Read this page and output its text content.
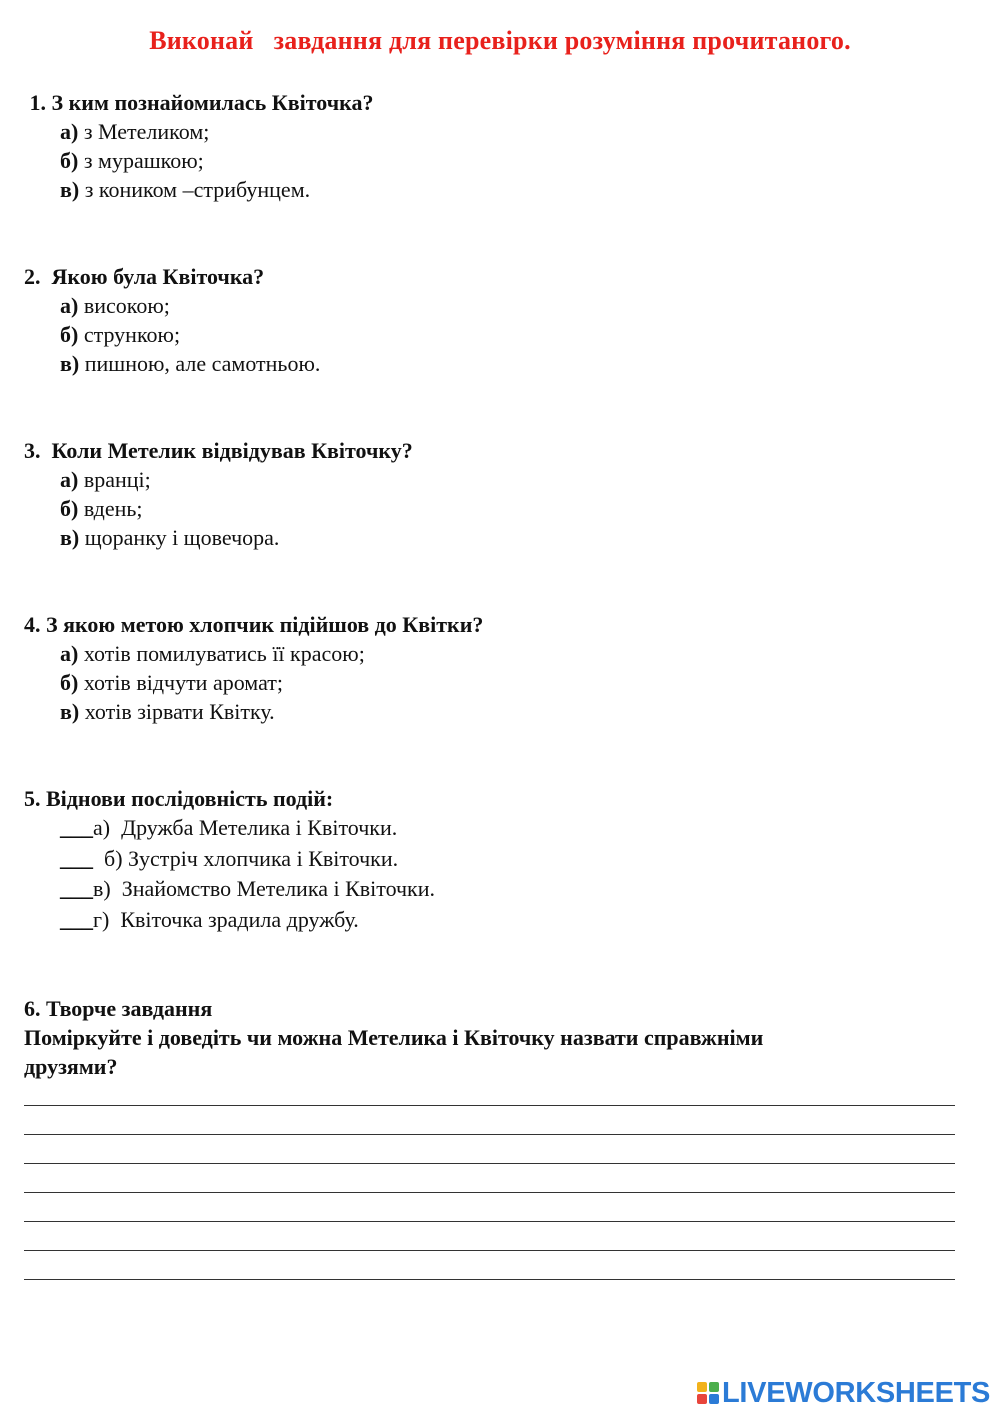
Виконай   завдання для перевірки розуміння прочитаного.
1. З ким познайомилась Квіточка?
а) з Метеликом;
б) з мурашкою;
в) з коником –стрибунцем.
2.  Якою була Квіточка?
а) високою;
б) стрункою;
в) пишною, але самотньою.
3.  Коли Метелик відвідував Квіточку?
а) вранці;
б) вдень;
в) щоранку і щовечора.
4. З якою метою хлопчик підійшов до Квітки?
а) хотів помилуватись її красою;
б) хотів відчути аромат;
в) хотів зірвати Квітку.
5. Віднови послідовність подій:
___а)  Дружба Метелика і Квіточки.
___  б) Зустріч хлопчика і Квіточки.
___в)  Знайомство Метелика і Квіточки.
___г)  Квіточка зрадила дружбу.
6. Творче завдання
Поміркуйте і доведіть чи можна Метелика і Квіточку назвати справжніми
друзями?
LIVEWORKSHEETS
